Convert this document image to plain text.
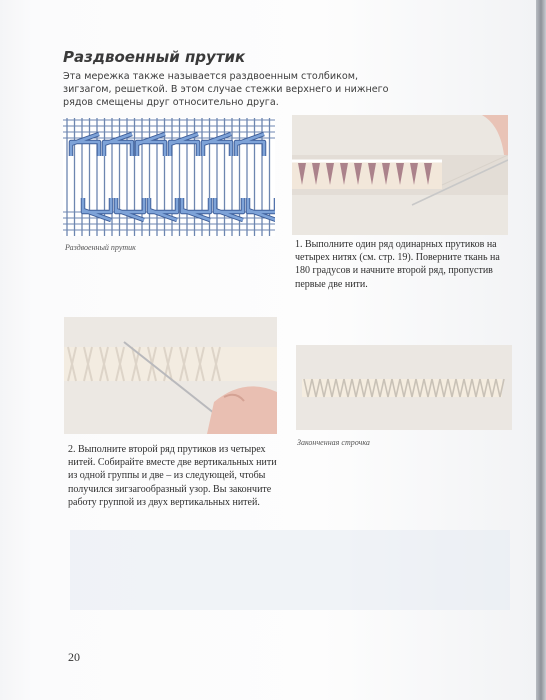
Раздвоенный прутик

Эта мережка также называется раздвоенным столбиком, зигзагом, решеткой. В этом случае стежки верхнего и нижнего рядов смещены друг относительно друга.

Раздвоенный прутик	1. Выполните один ряд одинарных прутиков на четырех нитях (см. стр. 19). Поверните ткань на 180 градусов и начните второй ряд, пропустив первые две нити.

2. Выполните второй ряд прутиков из четырех нитей. Собирайте вместе две вертикальных нити из одной группы и две – из следующей, чтобы получился зигзагообразный узор. Вы закончите работу группой из двух вертикальных нитей.

Законченная строчка

20
